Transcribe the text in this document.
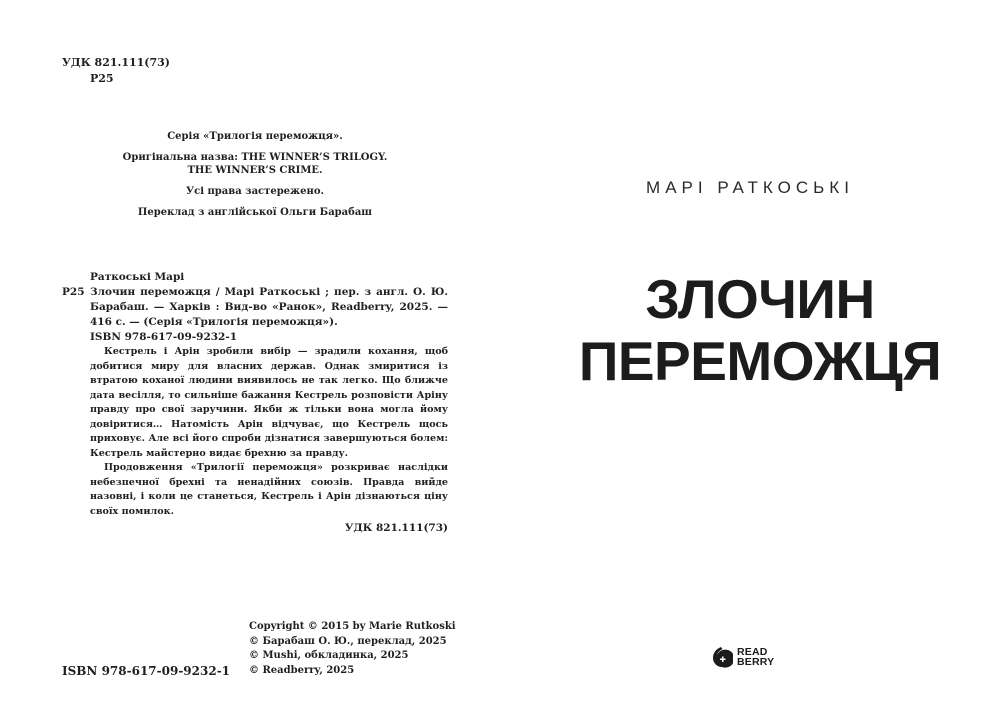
УДК 821.111(73)
Р25

Серія «Трилогія переможця».

Оригінальна назва: THE WINNER’S TRILOGY.

THE WINNER’S CRIME.

Усі права застережено.

Переклад з англійської Ольги Барабаш

Раткоські Марі
Р25 Злочин переможця / Марі Раткоські ; пер. з англ. О. Ю. Барабаш. — Харків : Вид-во «Ранок», Readberry, 2025. — 416 с. — (Серія «Трилогія переможця»).
ISBN 978-617-09-9232-1

Кестрель і Арін зробили вибір — зрадили кохання, щоб добитися миру для власних держав. Однак змиритися із втратою коханої людини виявилось не так легко. Що ближче дата весілля, то сильніше бажання Кестрель розповісти Аріну правду про свої заручини. Якби ж тільки вона могла йому довіритися… Натомість Арін відчуває, що Кестрель щось приховує. Але всі його спроби дізнатися завершуються болем: Кестрель майстерно видає брехню за правду.

Продовження «Трилогії переможця» розкриває наслідки небезпечної брехні та ненадійних союзів. Правда вийде назовні, і коли це станеться, Кестрель і Арін дізнаються ціну своїх помилок.

УДК 821.111(73)
ISBN 978-617-09-9232-1
Copyright © 2015 by Marie Rutkoski
© Барабаш О. Ю., переклад, 2025
© Mushi, обкладинка, 2025
© Readberry, 2025
МАРІ РАТКОСЬКІ
ЗЛОЧИН
ПЕРЕМОЖЦЯ
READ
BERRY
